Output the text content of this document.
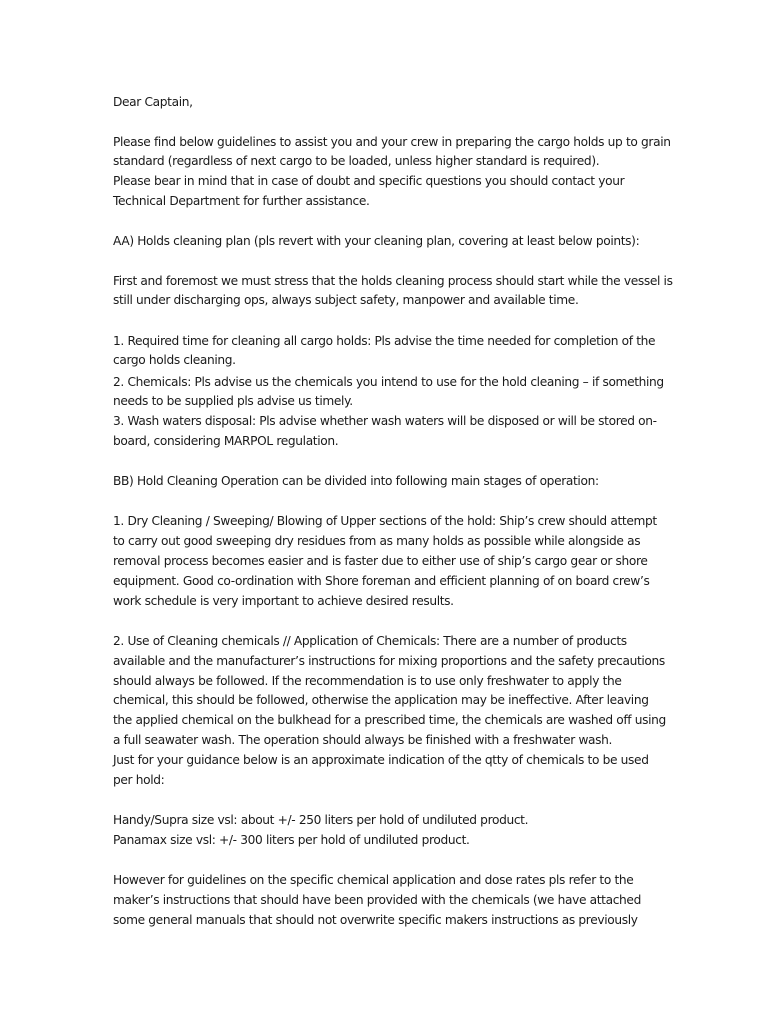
Dear Captain,

Please find below guidelines to assist you and your crew in preparing the cargo holds up to grain

standard (regardless of next cargo to be loaded, unless higher standard is required).

Please bear in mind that in case of doubt and specific questions you should contact your

Technical Department for further assistance.

AA) Holds cleaning plan (pls revert with your cleaning plan, covering at least below points):

First and foremost we must stress that the holds cleaning process should start while the vessel is

still under discharging ops, always subject safety, manpower and available time.

1. Required time for cleaning all cargo holds: Pls advise the time needed for completion of the

cargo holds cleaning.

2. Chemicals: Pls advise us the chemicals you intend to use for the hold cleaning – if something

needs to be supplied pls advise us timely.

3. Wash waters disposal: Pls advise whether wash waters will be disposed or will be stored on-

board, considering MARPOL regulation.

BB) Hold Cleaning Operation can be divided into following main stages of operation:

1. Dry Cleaning / Sweeping/ Blowing of Upper sections of the hold: Ship’s crew should attempt

to carry out good sweeping dry residues from as many holds as possible while alongside as

removal process becomes easier and is faster due to either use of ship’s cargo gear or shore

equipment. Good co-ordination with Shore foreman and efficient planning of on board crew’s

work schedule is very important to achieve desired results.

2. Use of Cleaning chemicals // Application of Chemicals: There are a number of products

available and the manufacturer’s instructions for mixing proportions and the safety precautions

should always be followed. If the recommendation is to use only freshwater to apply the

chemical, this should be followed, otherwise the application may be ineffective. After leaving

the applied chemical on the bulkhead for a prescribed time, the chemicals are washed off using

a full seawater wash. The operation should always be finished with a freshwater wash.

Just for your guidance below is an approximate indication of the qtty of chemicals to be used

per hold:

Handy/Supra size vsl: about +/- 250 liters per hold of undiluted product.

Panamax size vsl: +/- 300 liters per hold of undiluted product.

However for guidelines on the specific chemical application and dose rates pls refer to the

maker’s instructions that should have been provided with the chemicals (we have attached

some general manuals that should not overwrite specific makers instructions as previously
